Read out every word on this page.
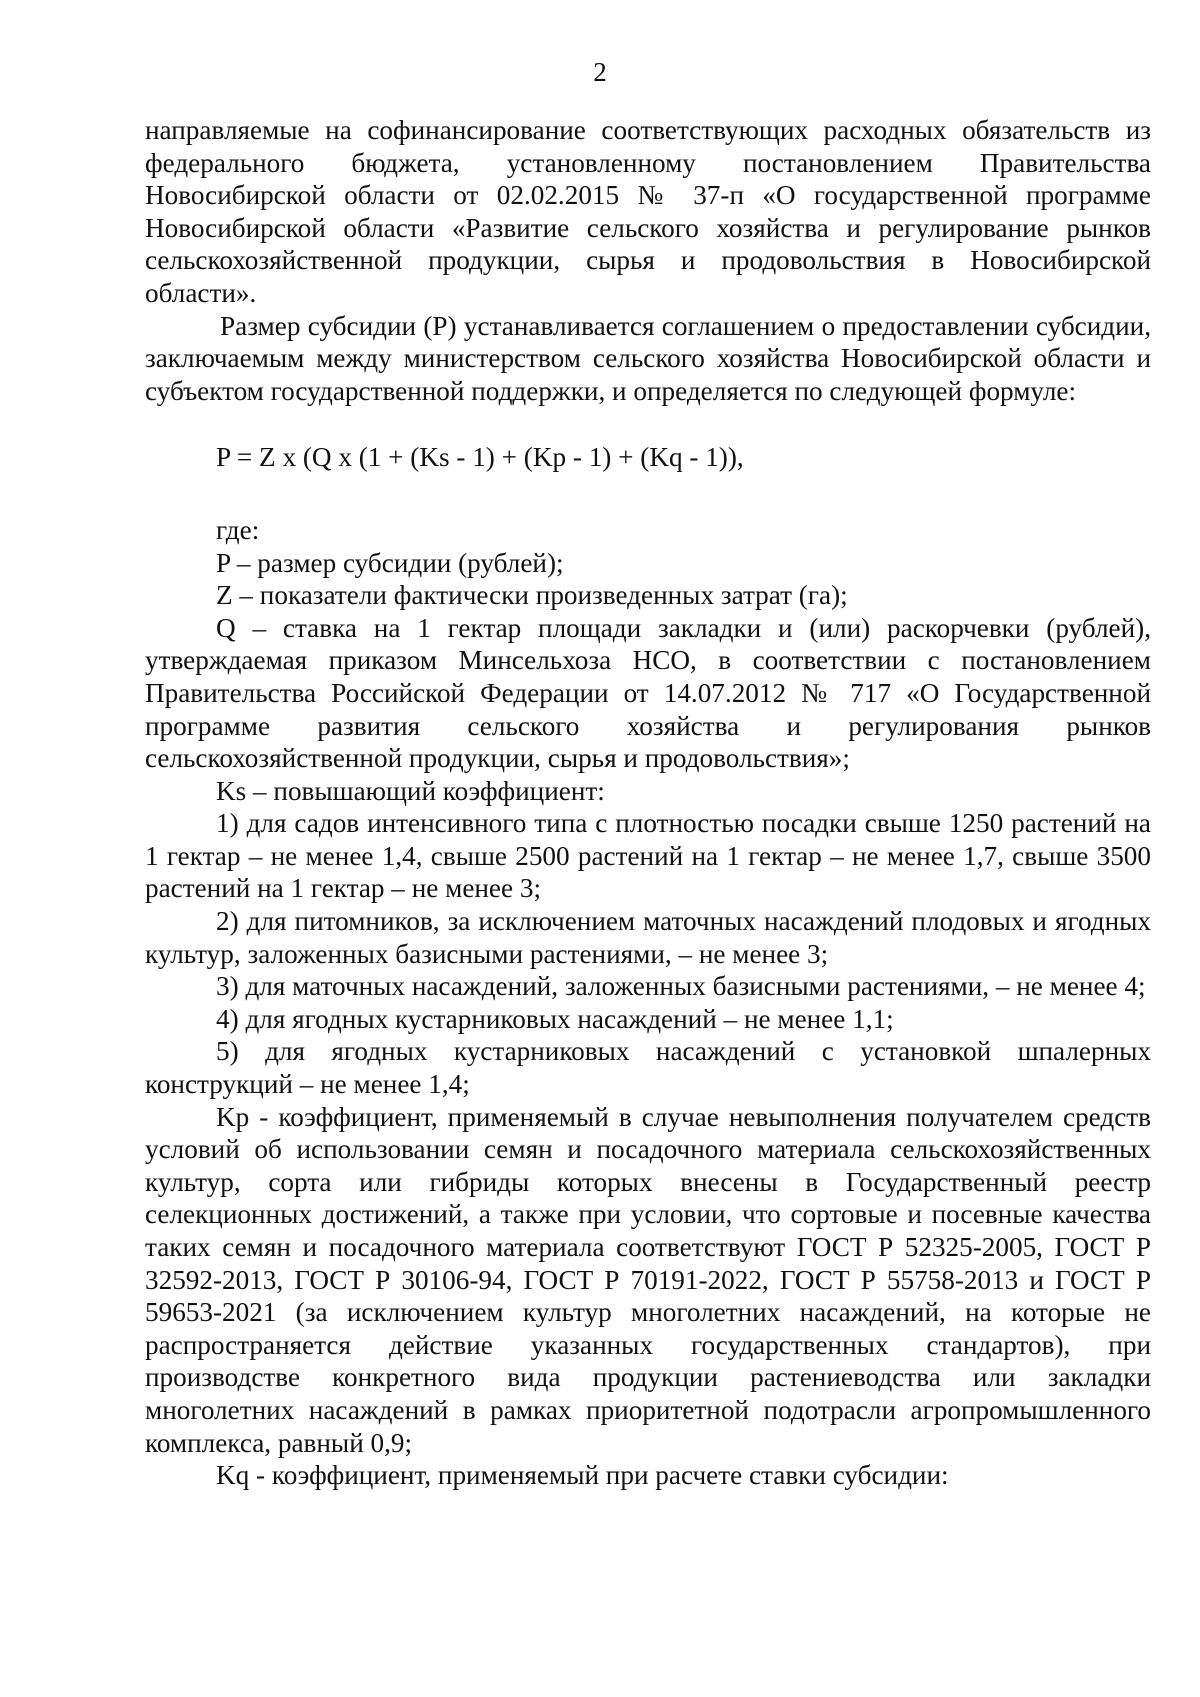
2

направляемые на софинансирование соответствующих расходных обязательств из федерального бюджета, установленному постановлением Правительства Новосибирской области от 02.02.2015 № 37-п «О государственной программе Новосибирской области «Развитие сельского хозяйства и регулирование рынков сельскохозяйственной продукции, сырья и продовольствия в Новосибирской области».

Размер субсидии (P) устанавливается соглашением о предоставлении субсидии, заключаемым между министерством сельского хозяйства Новосибирской области и субъектом государственной поддержки, и определяется по следующей формуле:

P = Z x (Q x (1 + (Ks - 1) + (Kp - 1) + (Kq - 1)),

где:

P – размер субсидии (рублей);

Z – показатели фактически произведенных затрат (га);

Q – ставка на 1 гектар площади закладки и (или) раскорчевки (рублей), утверждаемая приказом Минсельхоза НСО, в соответствии с постановлением Правительства Российской Федерации от 14.07.2012 № 717 «О Государственной программе развития сельского хозяйства и регулирования рынков сельскохозяйственной продукции, сырья и продовольствия»;

Ks – повышающий коэффициент:

1) для садов интенсивного типа с плотностью посадки свыше 1250 растений на 1 гектар – не менее 1,4, свыше 2500 растений на 1 гектар – не менее 1,7, свыше 3500 растений на 1 гектар – не менее 3;

2) для питомников, за исключением маточных насаждений плодовых и ягодных культур, заложенных базисными растениями, – не менее 3;

3) для маточных насаждений, заложенных базисными растениями, – не менее 4;

4) для ягодных кустарниковых насаждений – не менее 1,1;

5) для ягодных кустарниковых насаждений с установкой шпалерных конструкций – не менее 1,4;

Kp - коэффициент, применяемый в случае невыполнения получателем средств условий об использовании семян и посадочного материала сельскохозяйственных культур, сорта или гибриды которых внесены в Государственный реестр селекционных достижений, а также при условии, что сортовые и посевные качества таких семян и посадочного материала соответствуют ГОСТ Р 52325-2005, ГОСТ Р 32592-2013, ГОСТ Р 30106-94, ГОСТ Р 70191-2022, ГОСТ Р 55758-2013 и ГОСТ Р 59653-2021 (за исключением культур многолетних насаждений, на которые не распространяется действие указанных государственных стандартов), при производстве конкретного вида продукции растениеводства или закладки многолетних насаждений в рамках приоритетной подотрасли агропромышленного комплекса, равный 0,9;

Kq - коэффициент, применяемый при расчете ставки субсидии:
